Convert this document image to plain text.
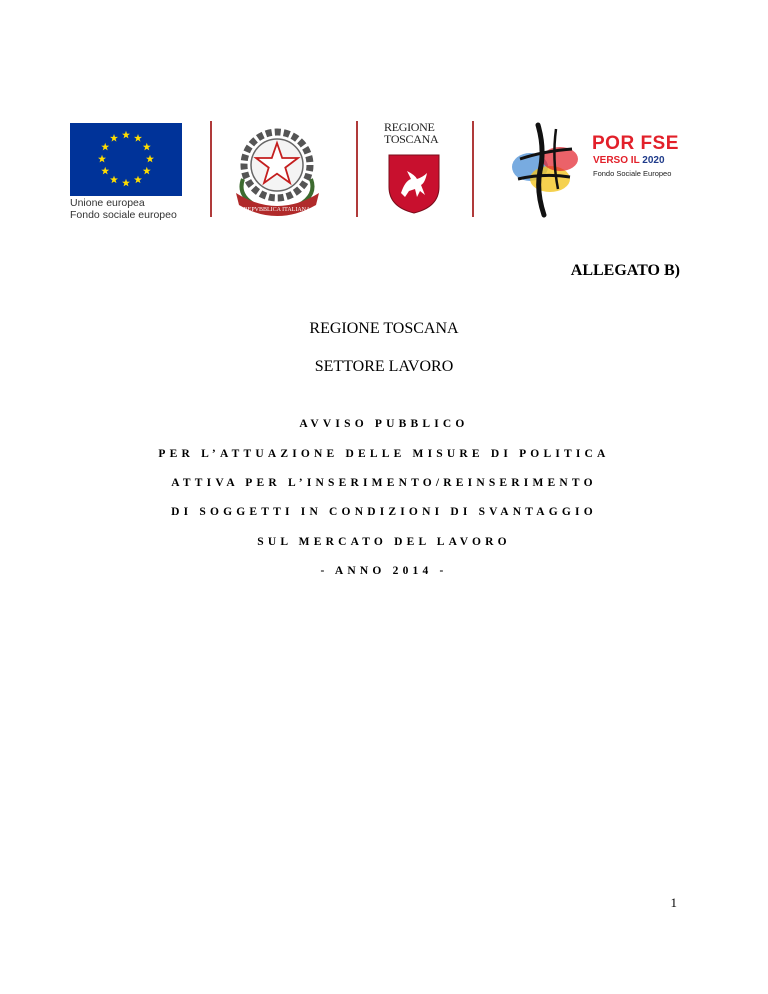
Unione europea
Fondo sociale europeo	REPVBBLICA ITALIANA
REGIONE
TOSCANA	POR FSE
VERSO IL 2020
Fondo Sociale Europeo
ALLEGATO B)
REGIONE TOSCANA
SETTORE LAVORO
AVVISO PUBBLICO
PER L’ATTUAZIONE DELLE MISURE DI POLITICA
ATTIVA PER L’INSERIMENTO/REINSERIMENTO
DI SOGGETTI IN CONDIZIONI DI SVANTAGGIO
SUL MERCATO DEL LAVORO
- ANNO 2014 -
1
